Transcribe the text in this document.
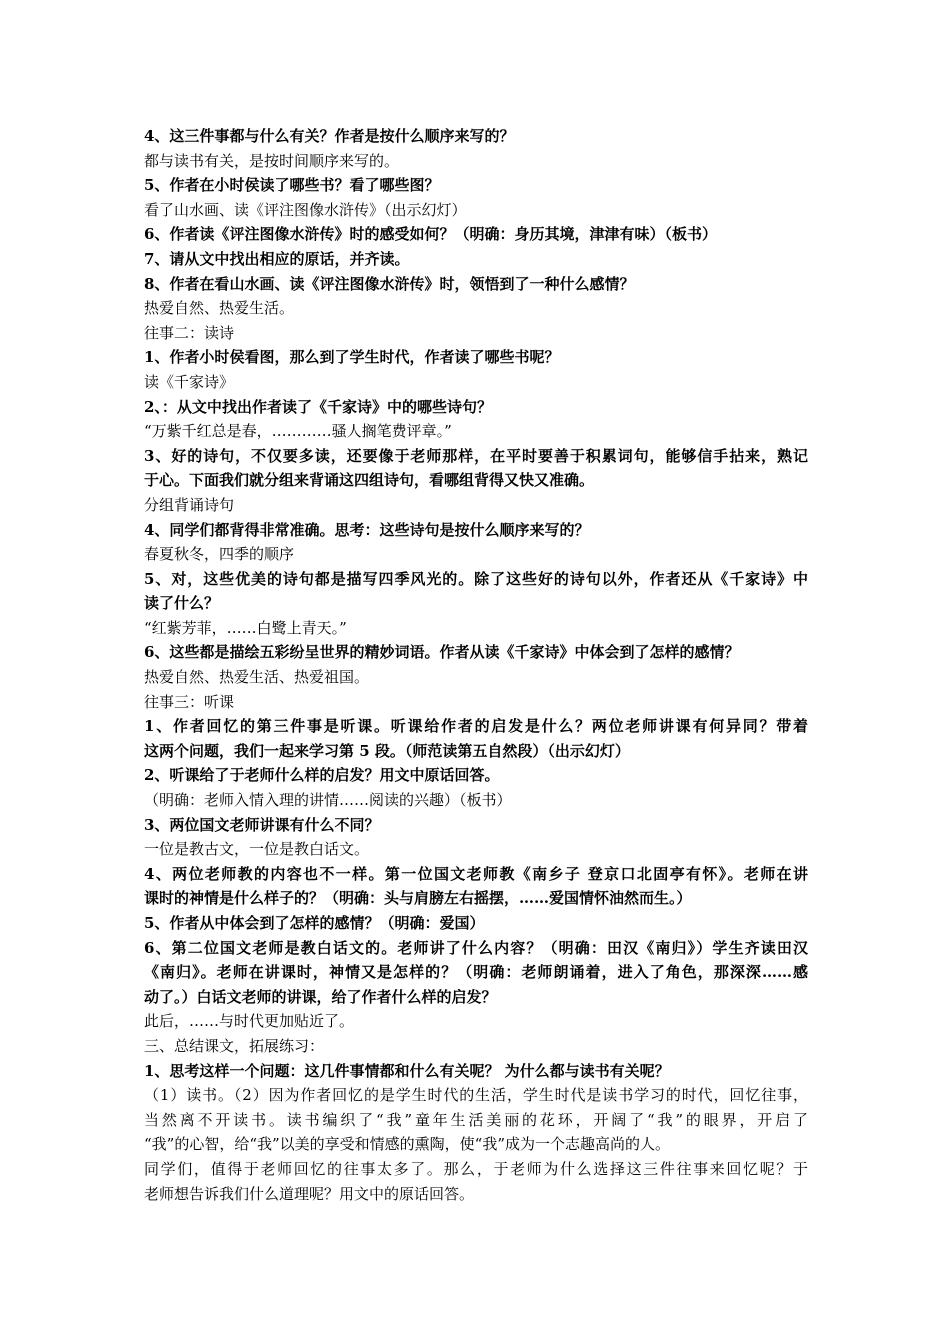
4、这三件事都与什么有关？作者是按什么顺序来写的？
都与读书有关，是按时间顺序来写的。
5、作者在小时侯读了哪些书？看了哪些图？
看了山水画、读《评注图像水浒传》（出示幻灯）
6、作者读《评注图像水浒传》时的感受如何？（明确：身历其境，津津有味）（板书）
7、请从文中找出相应的原话，并齐读。
8、作者在看山水画、读《评注图像水浒传》时，领悟到了一种什么感情？
热爱自然、热爱生活。
往事二：读诗
1、作者小时侯看图，那么到了学生时代，作者读了哪些书呢？
读《千家诗》
2、：从文中找出作者读了《千家诗》中的哪些诗句？
“万紫千红总是春，…………骚人搁笔费评章。”
3、好的诗句，不仅要多读，还要像于老师那样，在平时要善于积累词句，能够信手拈来，熟记
于心。下面我们就分组来背诵这四组诗句，看哪组背得又快又准确。
分组背诵诗句
4、同学们都背得非常准确。思考：这些诗句是按什么顺序来写的？
春夏秋冬，四季的顺序
5、对，这些优美的诗句都是描写四季风光的。除了这些好的诗句以外，作者还从《千家诗》中
读了什么？
“红紫芳菲，……白鹭上青天。”
6、这些都是描绘五彩纷呈世界的精妙词语。作者从读《千家诗》中体会到了怎样的感情？
热爱自然、热爱生活、热爱祖国。
往事三：听课
1、作者回忆的第三件事是听课。听课给作者的启发是什么？两位老师讲课有何异同？带着
这两个问题，我们一起来学习第 5 段。（师范读第五自然段）（出示幻灯）
2、听课给了于老师什么样的启发？用文中原话回答。
（明确：老师入情入理的讲情……阅读的兴趣）（板书）
3、两位国文老师讲课有什么不同？
一位是教古文，一位是教白话文。
4、两位老师教的内容也不一样。第一位国文老师教《南乡子 登京口北固亭有怀》。老师在讲
课时的神情是什么样子的？（明确：头与肩膀左右摇摆，……爱国情怀油然而生。）
5、作者从中体会到了怎样的感情？（明确：爱国）
6、第二位国文老师是教白话文的。老师讲了什么内容？（明确：田汉《南归》）学生齐读田汉
《南归》。老师在讲课时，神情又是怎样的？（明确：老师朗诵着，进入了角色，那深深……感
动了。）白话文老师的讲课，给了作者什么样的启发？
此后，……与时代更加贴近了。
三、总结课文，拓展练习：
1、思考这样一个问题：这几件事情都和什么有关呢？ 为什么都与读书有关呢？
（1）读书。（2）因为作者回忆的是学生时代的生活，学生时代是读书学习的时代，回忆往事，
当然离不开读书。读书编织了“我”童年生活美丽的花环，开阔了“我”的眼界，开启了
“我”的心智，给“我”以美的享受和情感的熏陶，使“我”成为一个志趣高尚的人。
同学们，值得于老师回忆的往事太多了。那么，于老师为什么选择这三件往事来回忆呢？于
老师想告诉我们什么道理呢？用文中的原话回答。
